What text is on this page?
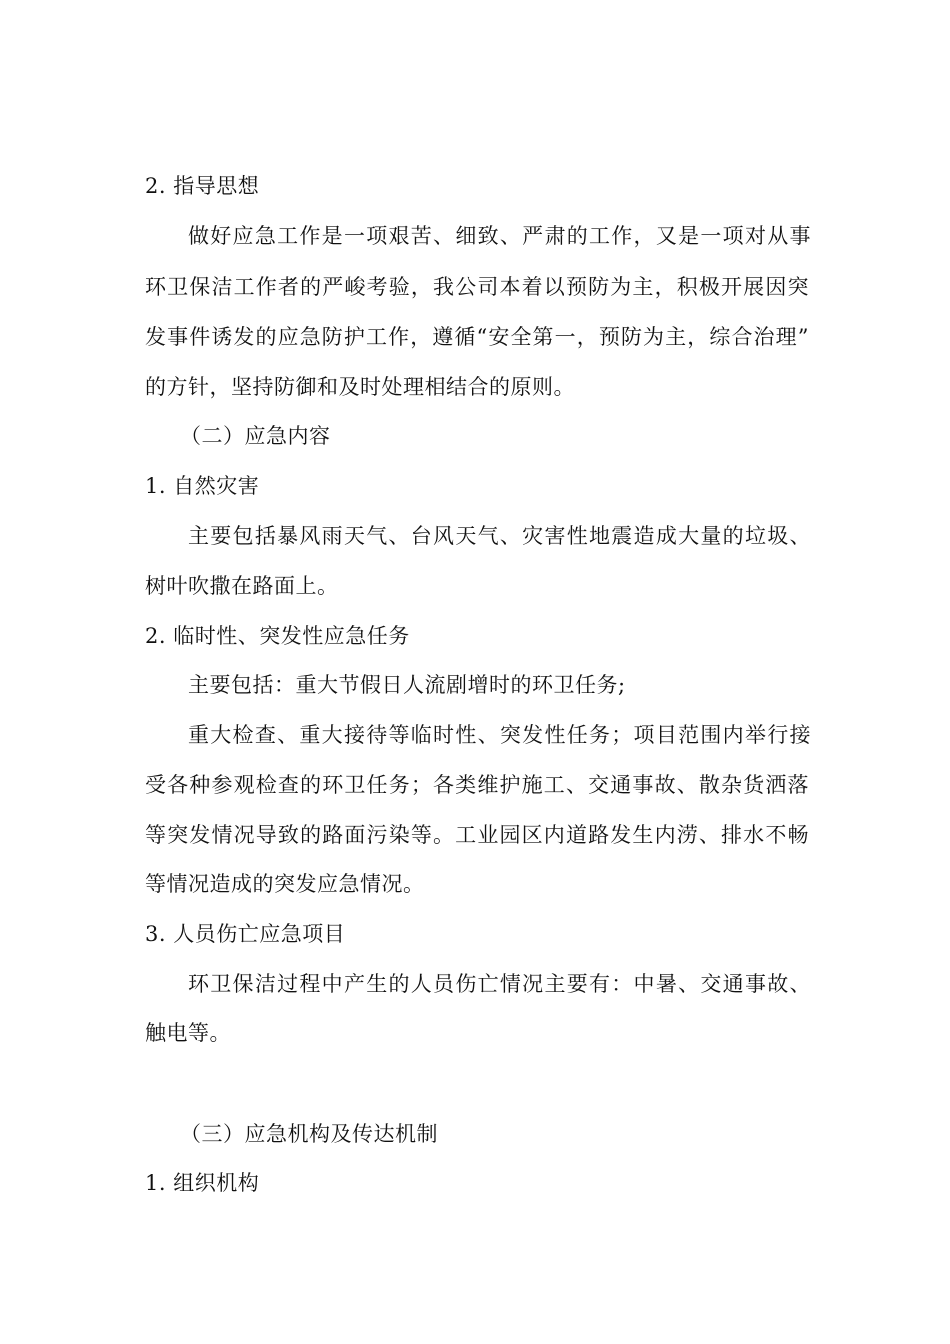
2. 指导思想
做好应急工作是一项艰苦、细致、严肃的工作，又是一项对从事
环卫保洁工作者的严峻考验，我公司本着以预防为主，积极开展因突
发事件诱发的应急防护工作，遵循“安全第一，预防为主，综合治理”
的方针，坚持防御和及时处理相结合的原则。
（二）应急内容
1. 自然灾害
主要包括暴风雨天气、台风天气、灾害性地震造成大量的垃圾、
树叶吹撒在路面上。
2. 临时性、突发性应急任务
主要包括：重大节假日人流剧增时的环卫任务;
重大检查、重大接待等临时性、突发性任务；项目范围内举行接
受各种参观检查的环卫任务；各类维护施工、交通事故、散杂货洒落
等突发情况导致的路面污染等。工业园区内道路发生内涝、排水不畅
等情况造成的突发应急情况。
3. 人员伤亡应急项目
环卫保洁过程中产生的人员伤亡情况主要有：中暑、交通事故、
触电等。
（三）应急机构及传达机制
1. 组织机构
